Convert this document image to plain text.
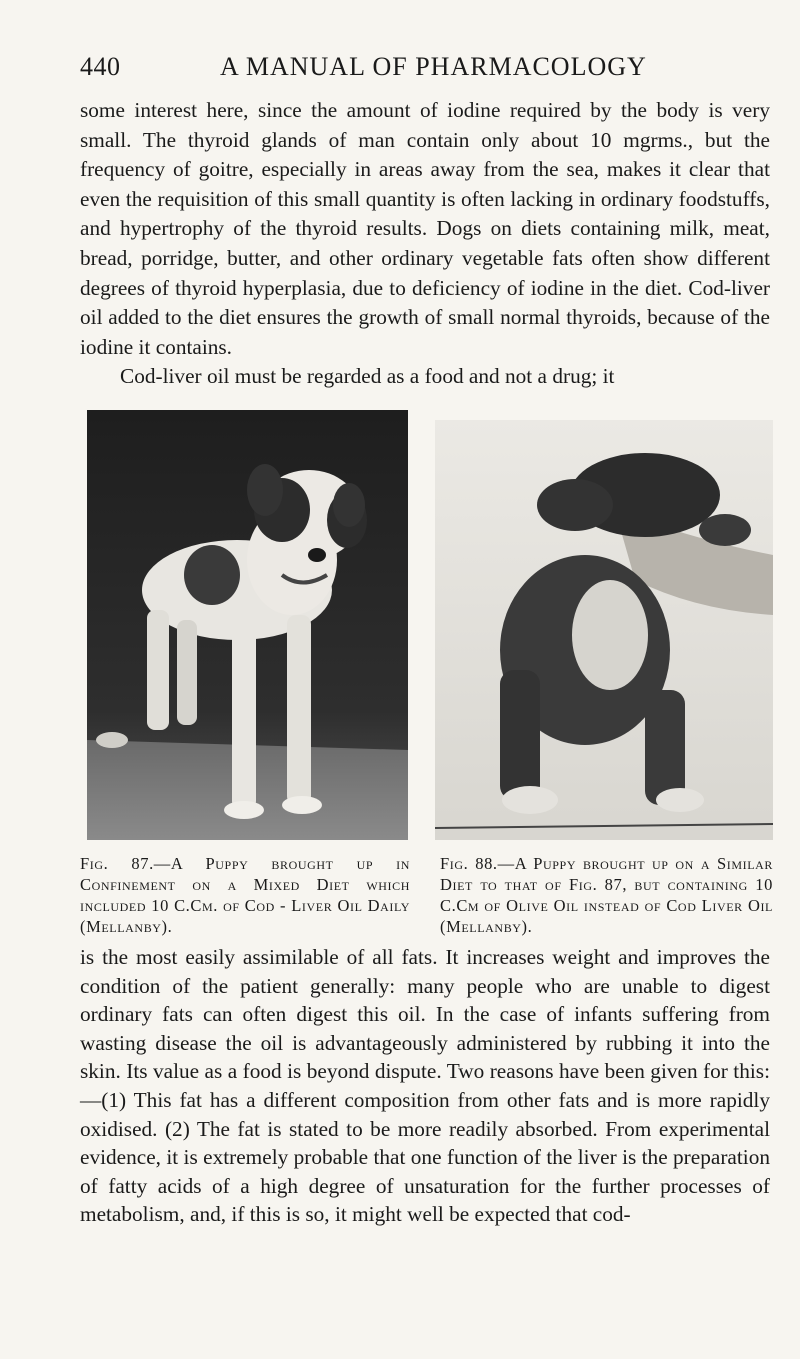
440	A MANUAL OF PHARMACOLOGY

some interest here, since the amount of iodine required by the body is very small. The thyroid glands of man contain only about 10 mgrms., but the frequency of goitre, especially in areas away from the sea, makes it clear that even the requisition of this small quantity is often lacking in ordinary foodstuffs, and hypertrophy of the thyroid results. Dogs on diets containing milk, meat, bread, porridge, butter, and other ordinary vegetable fats often show different degrees of thyroid hyperplasia, due to deficiency of iodine in the diet. Cod-liver oil added to the diet ensures the growth of small normal thyroids, because of the iodine it contains.

Cod-liver oil must be regarded as a food and not a drug; it

Fig. 87.—A Puppy brought up in Confinement on a Mixed Diet which included 10 C.Cm. of Cod - Liver Oil Daily (Mellanby).
Fig. 88.—A Puppy brought up on a Similar Diet to that of Fig. 87, but containing 10 C.Cm of Olive Oil instead of Cod Liver Oil (Mellanby).

is the most easily assimilable of all fats. It increases weight and improves the condition of the patient generally: many people who are unable to digest ordinary fats can often digest this oil. In the case of infants suffering from wasting disease the oil is advantageously administered by rubbing it into the skin. Its value as a food is beyond dispute. Two reasons have been given for this:—(1) This fat has a different composition from other fats and is more rapidly oxidised. (2) The fat is stated to be more readily absorbed. From experimental evidence, it is extremely probable that one function of the liver is the preparation of fatty acids of a high degree of unsaturation for the further processes of metabolism, and, if this is so, it might well be expected that cod-
